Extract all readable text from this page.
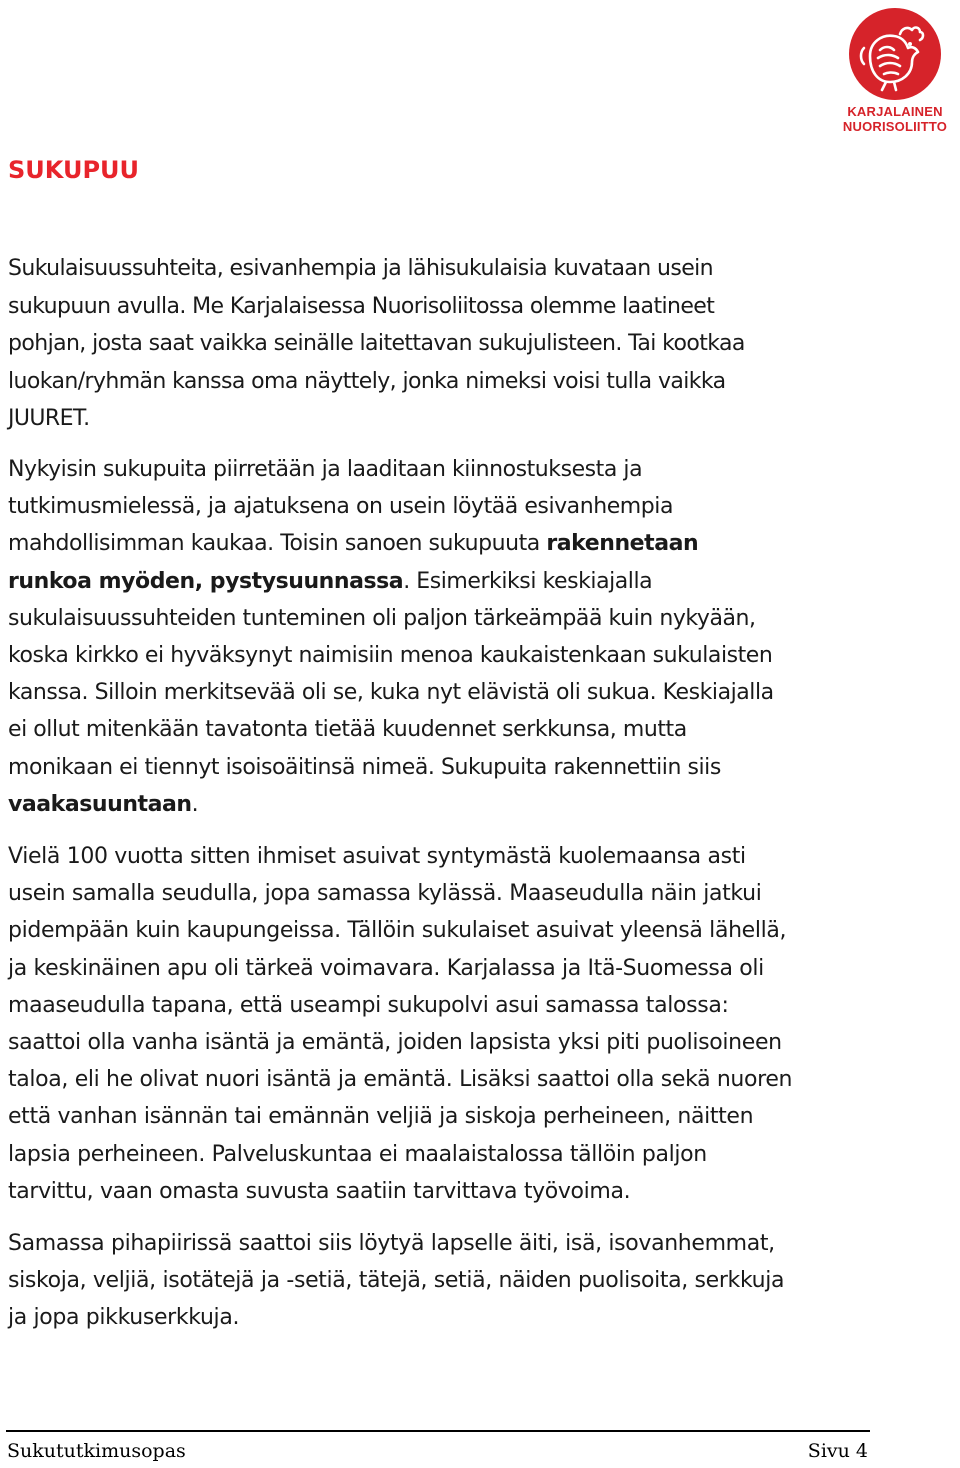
KARJALAINEN
NUORISOLIITTO
SUKUPUU

Sukulaisuussuhteita, esivanhempia ja lähisukulaisia kuvataan usein
sukupuun avulla. Me Karjalaisessa Nuorisoliitossa olemme laatineet
pohjan, josta saat vaikka seinälle laitettavan sukujulisteen. Tai kootkaa
luokan/ryhmän kanssa oma näyttely, jonka nimeksi voisi tulla vaikka
JUURET.

Nykyisin sukupuita piirretään ja laaditaan kiinnostuksesta ja
tutkimusmielessä, ja ajatuksena on usein löytää esivanhempia
mahdollisimman kaukaa. Toisin sanoen sukupuuta rakennetaan
runkoa myöden, pystysuunnassa. Esimerkiksi keskiajalla
sukulaisuussuhteiden tunteminen oli paljon tärkeämpää kuin nykyään,
koska kirkko ei hyväksynyt naimisiin menoa kaukaistenkaan sukulaisten
kanssa. Silloin merkitsevää oli se, kuka nyt elävistä oli sukua. Keskiajalla
ei ollut mitenkään tavatonta tietää kuudennet serkkunsa, mutta
monikaan ei tiennyt isoisoäitinsä nimeä. Sukupuita rakennettiin siis
vaakasuuntaan.

Vielä 100 vuotta sitten ihmiset asuivat syntymästä kuolemaansa asti
usein samalla seudulla, jopa samassa kylässä. Maaseudulla näin jatkui
pidempään kuin kaupungeissa. Tällöin sukulaiset asuivat yleensä lähellä,
ja keskinäinen apu oli tärkeä voimavara. Karjalassa ja Itä-Suomessa oli
maaseudulla tapana, että useampi sukupolvi asui samassa talossa:
saattoi olla vanha isäntä ja emäntä, joiden lapsista yksi piti puolisoineen
taloa, eli he olivat nuori isäntä ja emäntä. Lisäksi saattoi olla sekä nuoren
että vanhan isännän tai emännän veljiä ja siskoja perheineen, näitten
lapsia perheineen. Palveluskuntaa ei maalaistalossa tällöin paljon
tarvittu, vaan omasta suvusta saatiin tarvittava työvoima.

Samassa pihapiirissä saattoi siis löytyä lapselle äiti, isä, isovanhemmat,
siskoja, veljiä, isotätejä ja -setiä, tätejä, setiä, näiden puolisoita, serkkuja
ja jopa pikkuserkkuja.

Sukututkimusopas	Sivu 4
